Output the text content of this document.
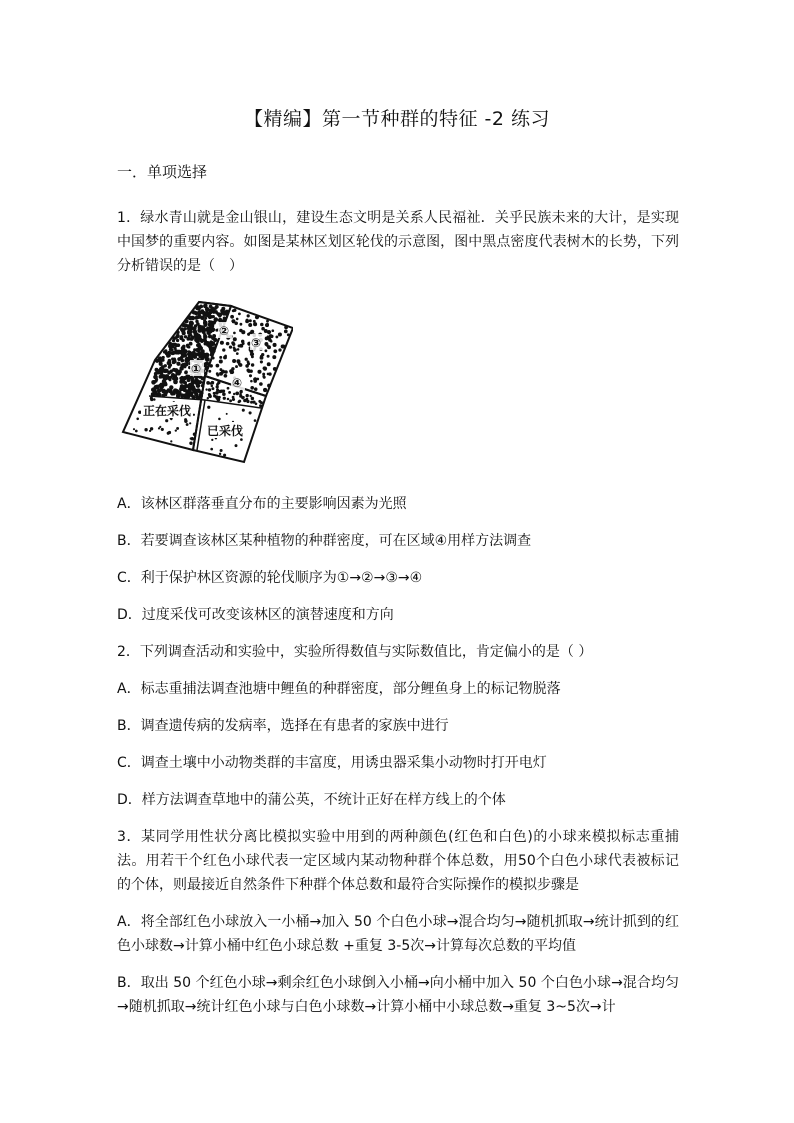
【精编】第一节种群的特征 -2 练习
一．单项选择
1．绿水青山就是金山银山，建设生态文明是关系人民福祉．关乎民族未来的大计，是实现中国梦的重要内容。如图是某林区划区轮伐的示意图，图中黑点密度代表树木的长势，下列分析错误的是（　）
②
③
①
④
正在采伐
已采伐
A．该林区群落垂直分布的主要影响因素为光照
B．若要调查该林区某种植物的种群密度，可在区域④用样方法调查
C．利于保护林区资源的轮伐顺序为①→②→③→④
D．过度采伐可改变该林区的演替速度和方向
2．下列调查活动和实验中，实验所得数值与实际数值比，肯定偏小的是（ ）
A．标志重捕法调查池塘中鲤鱼的种群密度，部分鲤鱼身上的标记物脱落
B．调查遗传病的发病率，选择在有患者的家族中进行
C．调查土壤中小动物类群的丰富度，用诱虫器采集小动物时打开电灯
D．样方法调查草地中的蒲公英，不统计正好在样方线上的个体
3．某同学用性状分离比模拟实验中用到的两种颜色(红色和白色)的小球来模拟标志重捕法。用若干个红色小球代表一定区域内某动物种群个体总数，用50个白色小球代表被标记的个体，则最接近自然条件下种群个体总数和最符合实际操作的模拟步骤是
A．将全部红色小球放入一小桶→加入 50 个白色小球→混合均匀→随机抓取→统计抓到的红色小球数→计算小桶中红色小球总数 +重复 3-5次→计算每次总数的平均值
B．取出 50 个红色小球→剩余红色小球倒入小桶→向小桶中加入 50 个白色小球→混合均匀→随机抓取→统计红色小球与白色小球数→计算小桶中小球总数→重复 3~5次→计
